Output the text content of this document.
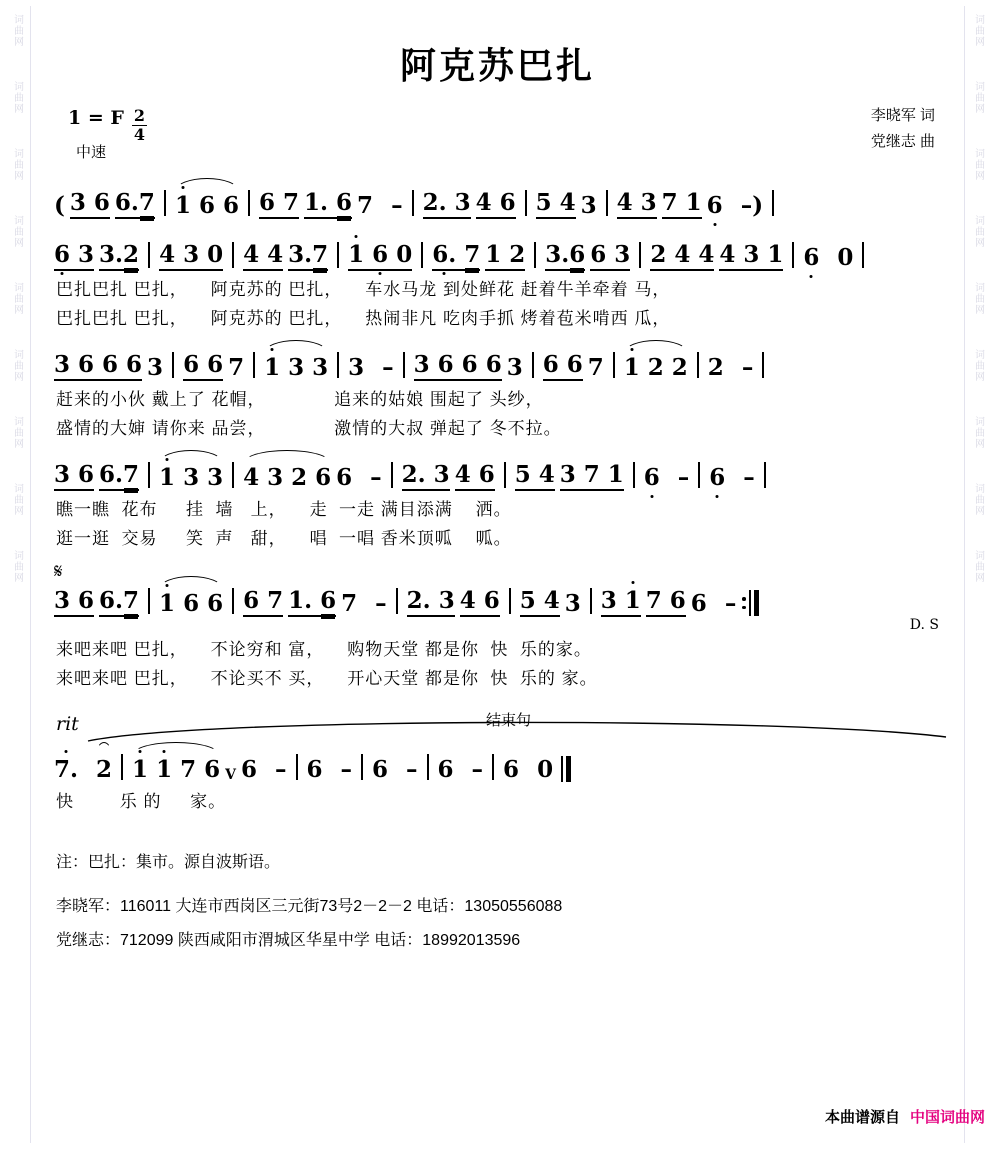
词曲网
词曲网
词曲网
词曲网
词曲网
词曲网
词曲网
词曲网
词曲网
词曲网
词曲网
词曲网
词曲网
词曲网
词曲网
词曲网
词曲网
词曲网
阿克苏巴扎
1 = F $\frac{2}{4}$
中速
李晓军 词
党继志 曲
( 3 6 6.7 1 6 6 6 7 1. 6 7 – 2. 3 4 6 5 4 3 4 3 7 1 6 – )
6 3 3.2 4 3 0 4 4 3.7 1 6 0 6. 7 1 2 3.6 6 3 2 4 4 4 3 1 6 0
巴扎巴扎 巴扎，    阿克苏的 巴扎，    车水马龙 到处鲜花 赶着牛羊牵着 马，
巴扎巴扎 巴扎，    阿克苏的 巴扎，    热闹非凡 吃肉手抓 烤着苞米啃西 瓜，
3 6 6 6 3 6 6 7 1 3 3 3 – 3 6 6 6 3 6 6 7 1 2 2 2 –
赶来的小伙 戴上了 花帽，            追来的姑娘 围起了 头纱，
盛情的大婶 请你来 品尝，            激情的大叔 弹起了 冬不拉。
3 6 6.7 1 3 3 4 3 2 6 6 – 2. 3 4 6 5 4 3 7 1 6 – 6 –
瞧一瞧  花布     挂  墙   上，    走  一走 满目添满    洒。
逛一逛  交易     笑  声   甜，    唱  一唱 香米顶呱    呱。
𝄋
3 6 6.7 1 6 6 6 7 1. 6 7 – 2. 3 4 6 5 4 3 3 1 7 6 6 –
D. S
来吧来吧 巴扎，    不论穷和 富，    购物天堂 都是你  快  乐的家。
来吧来吧 巴扎，    不论买不 买，    开心天堂 都是你  快  乐的 家。
rit	结束句
7. 2 1 1 7 6 V 6 – 6 – 6 – 6 – 6 0
快        乐 的     家。
注：巴扎：集市。源自波斯语。
李晓军：116011 大连市西岗区三元街73号2－2－2 电话：13050556088
党继志：712099 陕西咸阳市渭城区华星中学 电话：18992013596
本曲谱源自 中国词曲网
